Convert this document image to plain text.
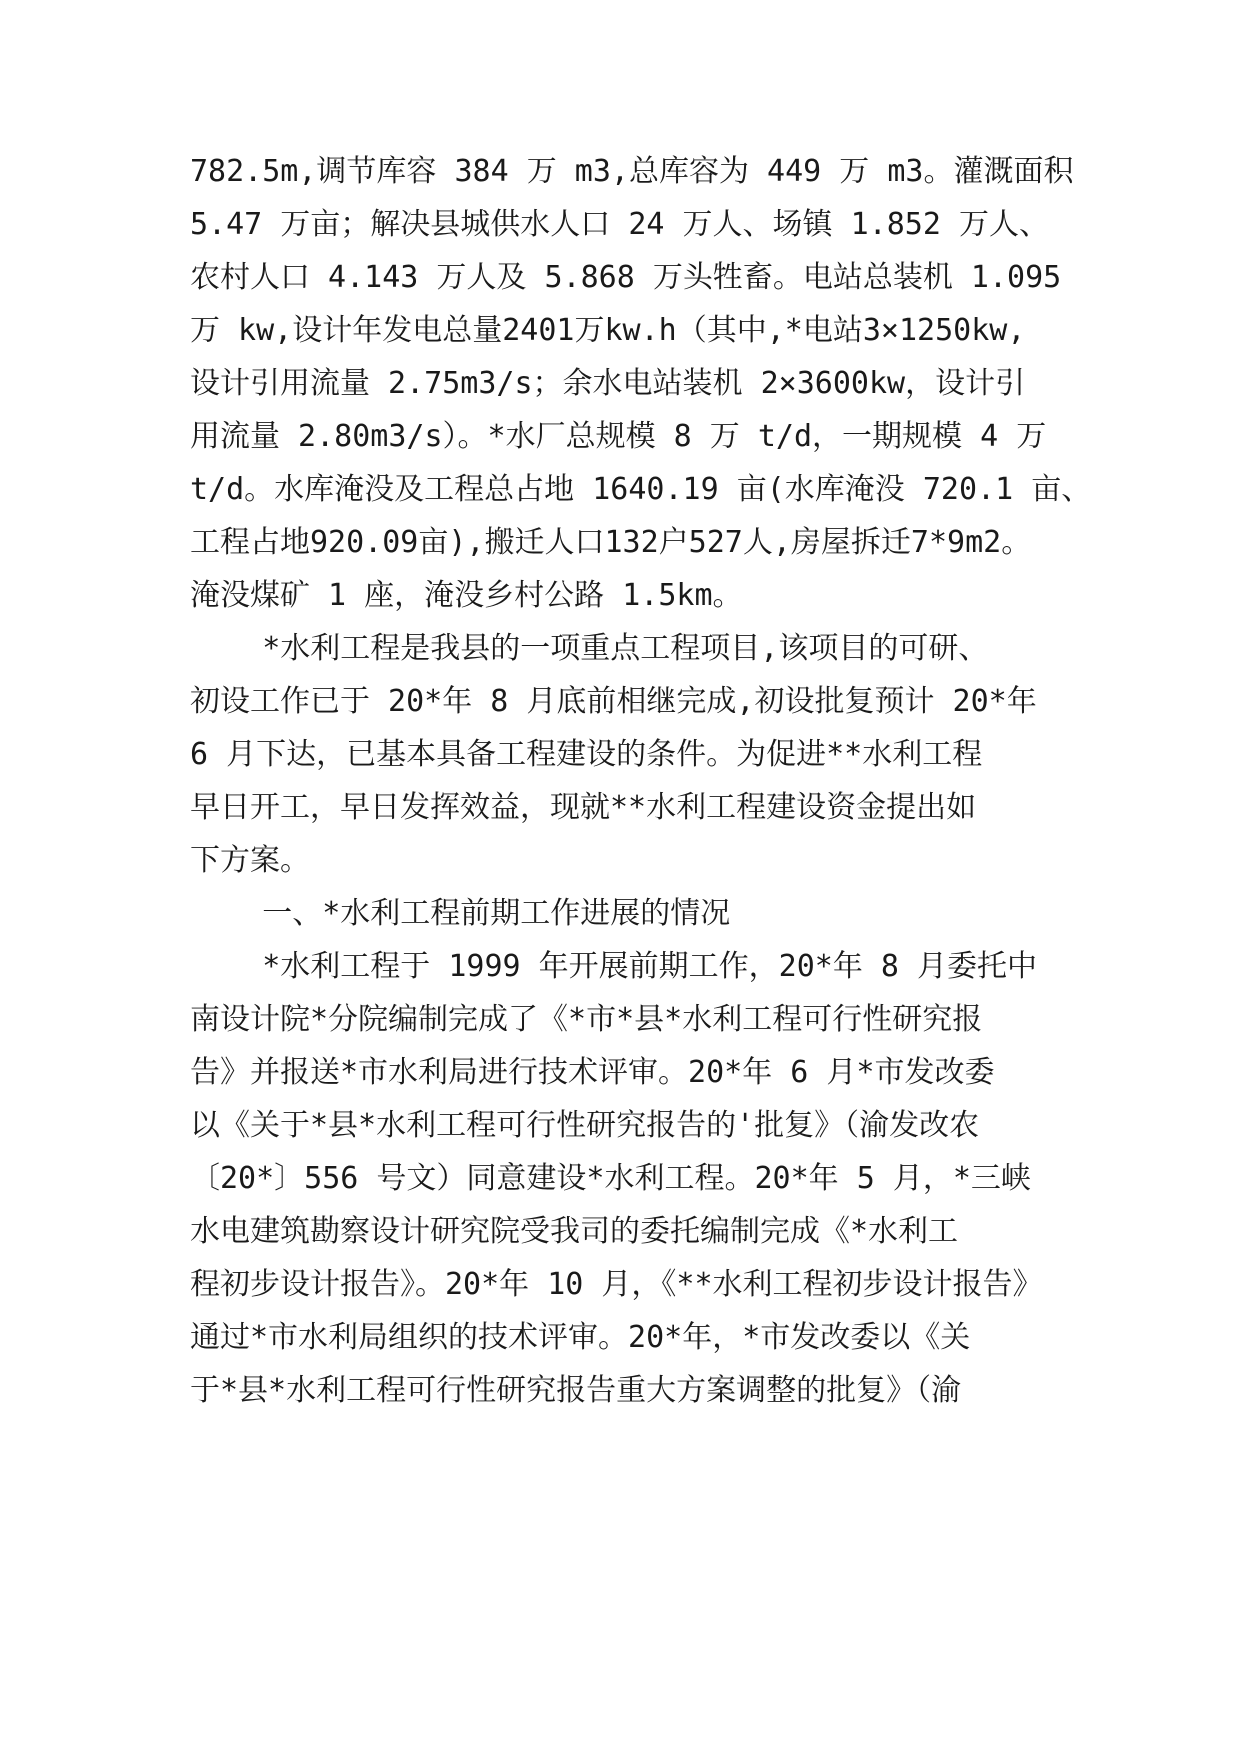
782.5m,调节库容 384 万 m3,总库容为 449 万 m3。灌溉面积

5.47 万亩；解决县城供水人口 24 万人、场镇 1.852 万人、

农村人口 4.143 万人及 5.868 万头牲畜。电站总装机 1.095

万 kw,设计年发电总量2401万kw.h（其中,*电站3×1250kw,

设计引用流量 2.75m3/s；余水电站装机 2×3600kw，设计引

用流量 2.80m3/s）。*水厂总规模 8 万 t/d，一期规模 4 万

t/d。水库淹没及工程总占地 1640.19 亩(水库淹没 720.1 亩、

工程占地920.09亩),搬迁人口132户527人,房屋拆迁7*9m2。

淹没煤矿 1 座，淹没乡村公路 1.5km。

*水利工程是我县的一项重点工程项目,该项目的可研、

初设工作已于 20*年 8 月底前相继完成,初设批复预计 20*年

6 月下达，已基本具备工程建设的条件。为促进**水利工程

早日开工，早日发挥效益，现就**水利工程建设资金提出如

下方案。

一、*水利工程前期工作进展的情况

*水利工程于 1999 年开展前期工作，20*年 8 月委托中

南设计院*分院编制完成了《*市*县*水利工程可行性研究报

告》并报送*市水利局进行技术评审。20*年 6 月*市发改委

以《关于*县*水利工程可行性研究报告的'批复》（渝发改农

〔20*〕556 号文）同意建设*水利工程。20*年 5 月，*三峡

水电建筑勘察设计研究院受我司的委托编制完成《*水利工

程初步设计报告》。20*年 10 月，《**水利工程初步设计报告》

通过*市水利局组织的技术评审。20*年，*市发改委以《关

于*县*水利工程可行性研究报告重大方案调整的批复》（渝
